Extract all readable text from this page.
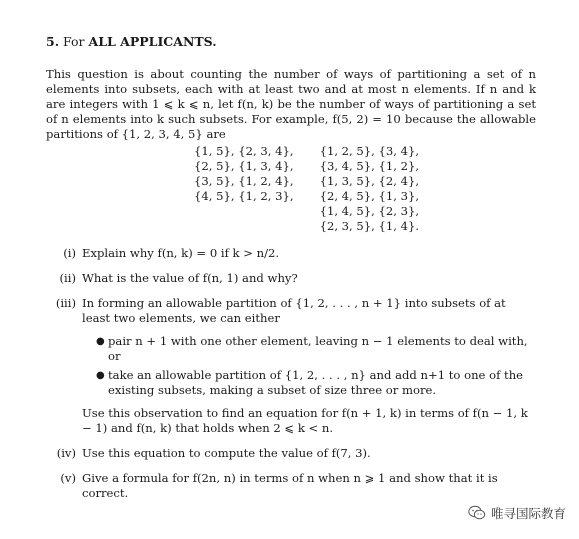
5. For ALL APPLICANTS.

This question is about counting the number of ways of partitioning a set of n elements into subsets, each with at least two and at most n elements. If n and k are integers with 1 ⩽ k ⩽ n, let f(n, k) be the number of ways of partitioning a set of n elements into k such subsets. For example, f(5, 2) = 10 because the allowable partitions of {1, 2, 3, 4, 5} are

{1, 5}, {2, 3, 4},
{2, 5}, {1, 3, 4},
{3, 5}, {1, 2, 4},
{4, 5}, {1, 2, 3},
{1, 2, 5}, {3, 4},
{3, 4, 5}, {1, 2},
{1, 3, 5}, {2, 4},
{2, 4, 5}, {1, 3},
{1, 4, 5}, {2, 3},
{2, 3, 5}, {1, 4}.
(i) Explain why f(n, k) = 0 if k > n/2.
(ii) What is the value of f(n, 1) and why?
(iii) In forming an allowable partition of {1, 2, . . . , n + 1} into subsets of at least two elements, we can either
● pair n + 1 with one other element, leaving n − 1 elements to deal with, or
● take an allowable partition of {1, 2, . . . , n} and add n+1 to one of the existing subsets, making a subset of size three or more.
Use this observation to find an equation for f(n + 1, k) in terms of f(n − 1, k − 1) and f(n, k) that holds when 2 ⩽ k < n.
(iv) Use this equation to compute the value of f(7, 3).
(v) Give a formula for f(2n, n) in terms of n when n ⩾ 1 and show that it is correct.
唯寻国际教育
